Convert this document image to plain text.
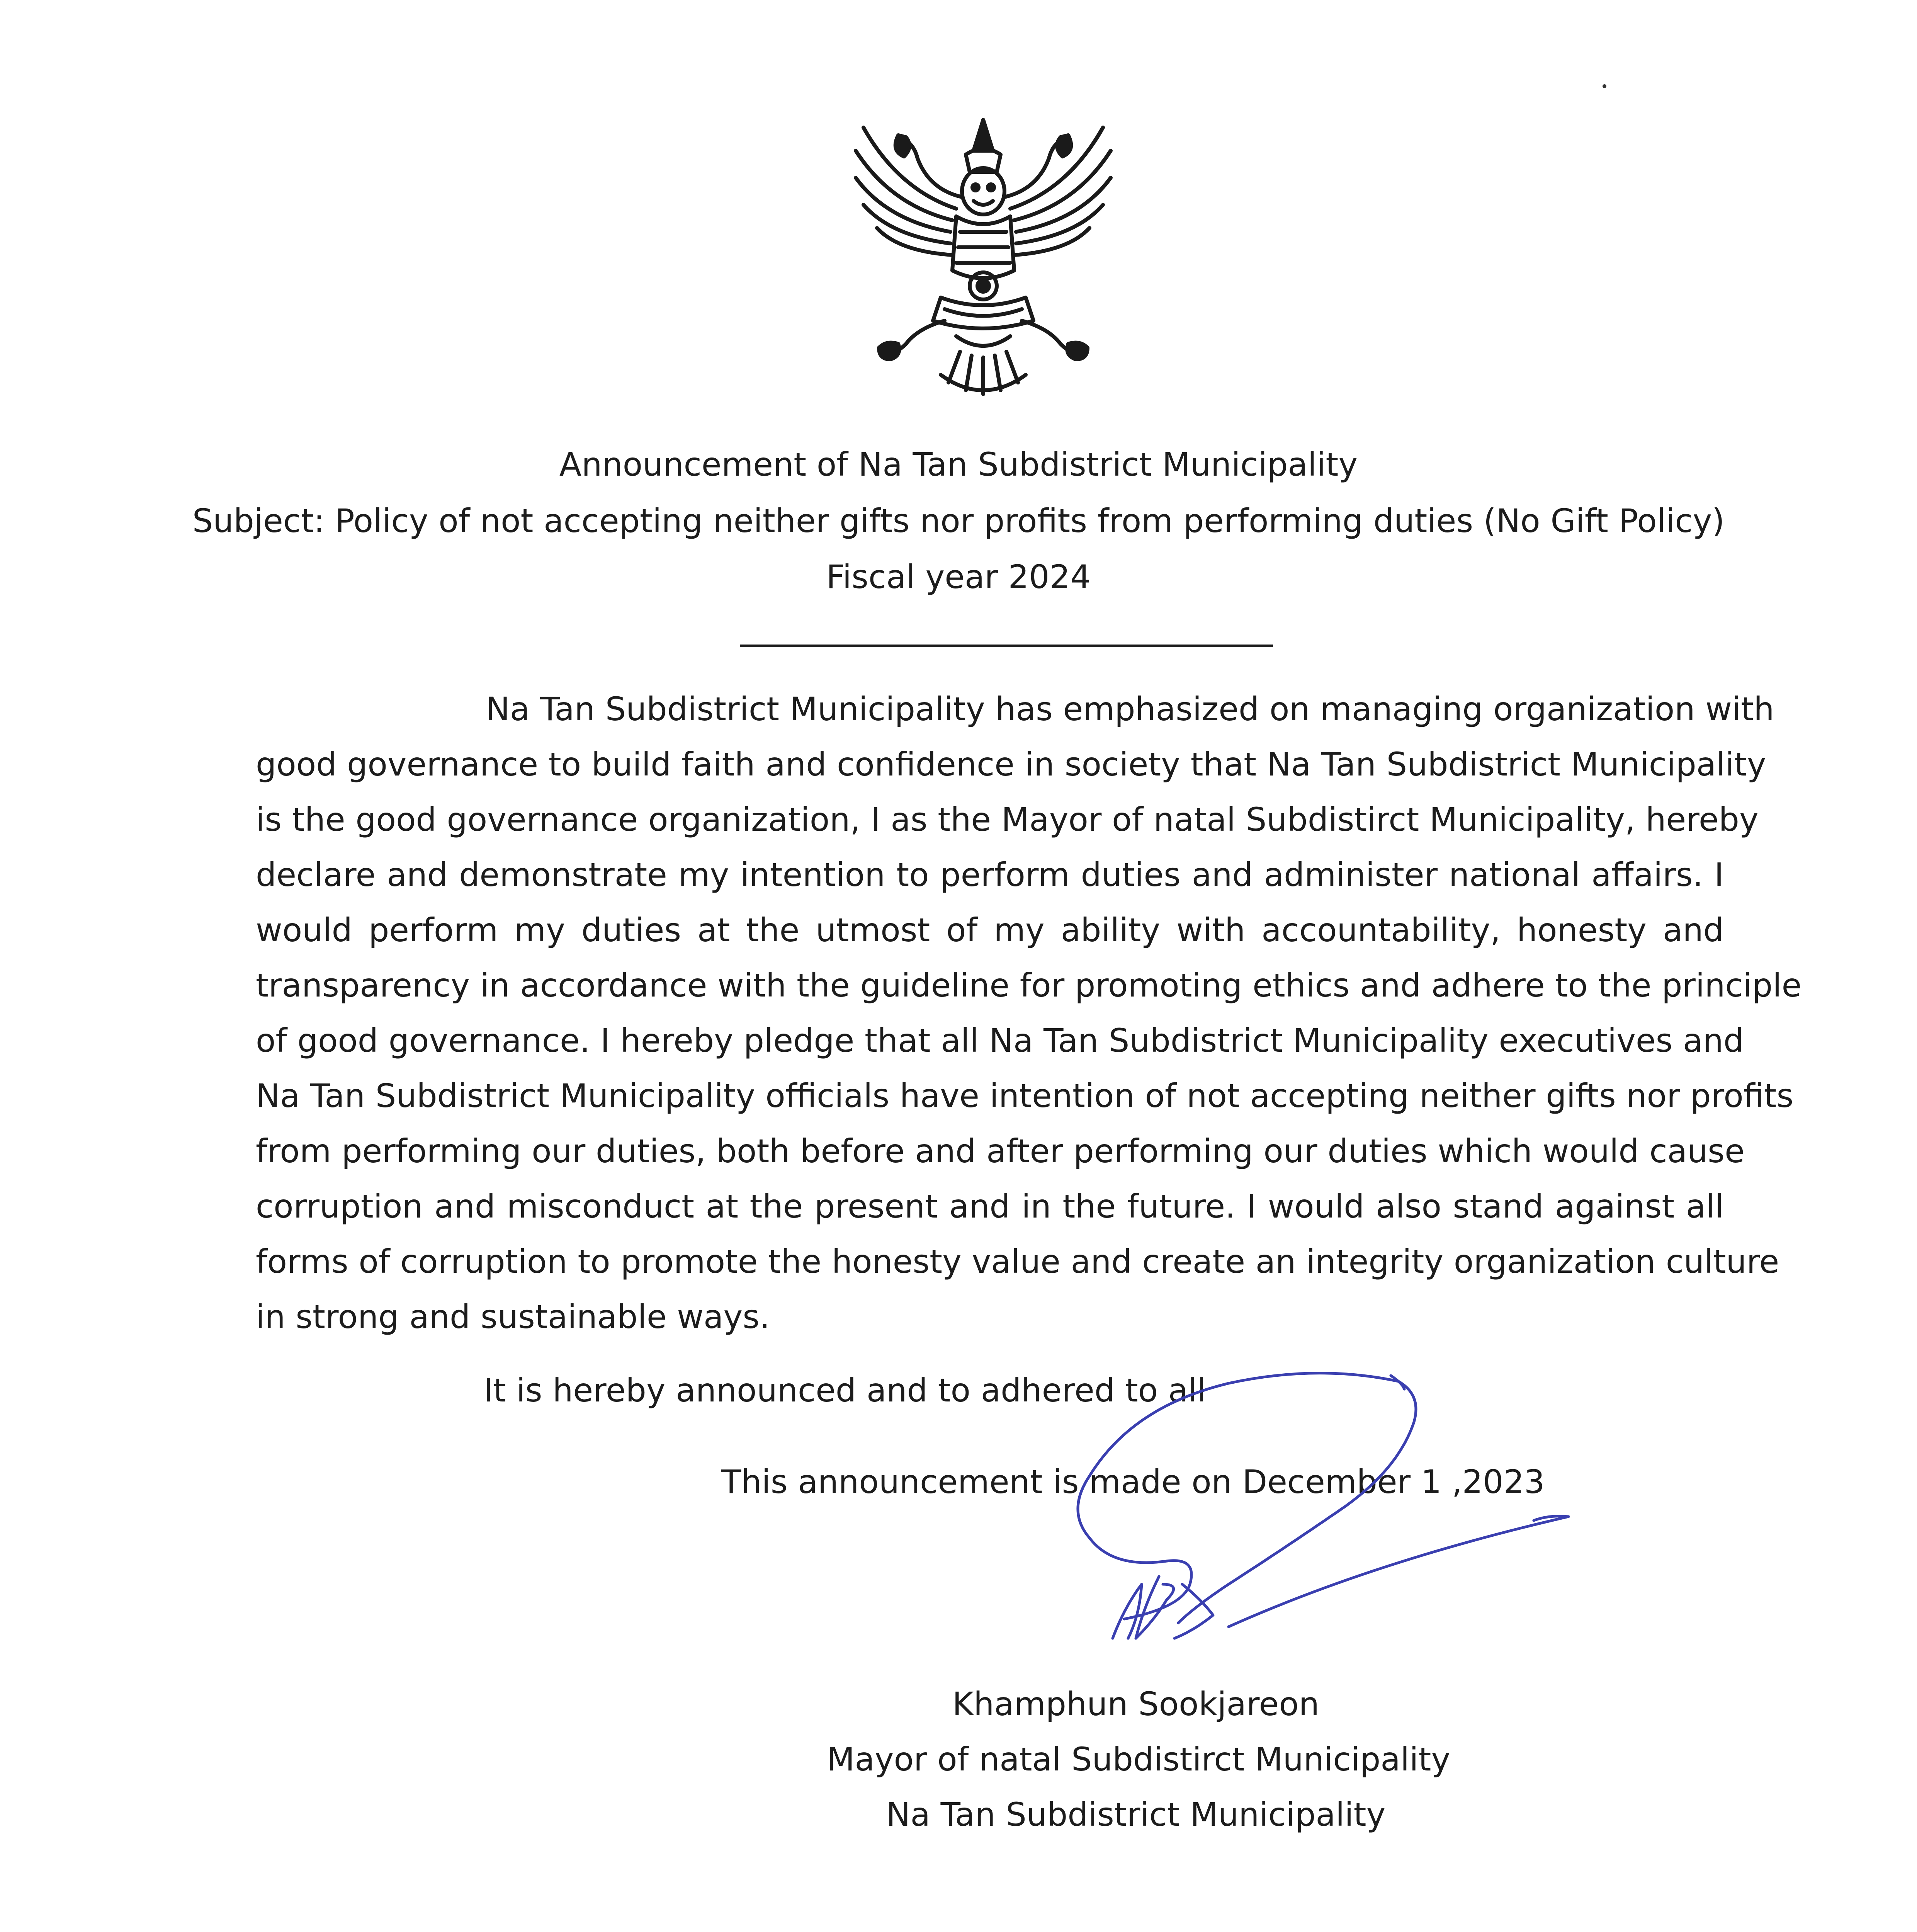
Announcement of Na Tan Subdistrict Municipality
Subject: Policy of not accepting neither gifts nor profits from performing duties (No Gift Policy)
Fiscal year 2024
Na Tan Subdistrict Municipality has emphasized on managing organization with
good governance to build faith and confidence in society that Na Tan Subdistrict Municipality
is the good governance organization, I as the Mayor of natal Subdistirct Municipality, hereby
declare and demonstrate my intention to perform duties and administer national affairs. I
would perform my duties at the utmost of my ability with accountability, honesty and
transparency in accordance with the guideline for promoting ethics and adhere to the principle
of good governance. I hereby pledge that all Na Tan Subdistrict Municipality executives and
Na Tan Subdistrict Municipality officials have intention of not accepting neither gifts nor profits
from performing our duties, both before and after performing our duties which would cause
corruption and misconduct at the present and in the future. I would also stand against all
forms of corruption to promote the honesty value and create an integrity organization culture
in strong and sustainable ways.
It is hereby announced and to adhered to all
This announcement is made on December 1 ,2023
Khamphun Sookjareon
Mayor of natal Subdistirct Municipality
Na Tan Subdistrict Municipality
